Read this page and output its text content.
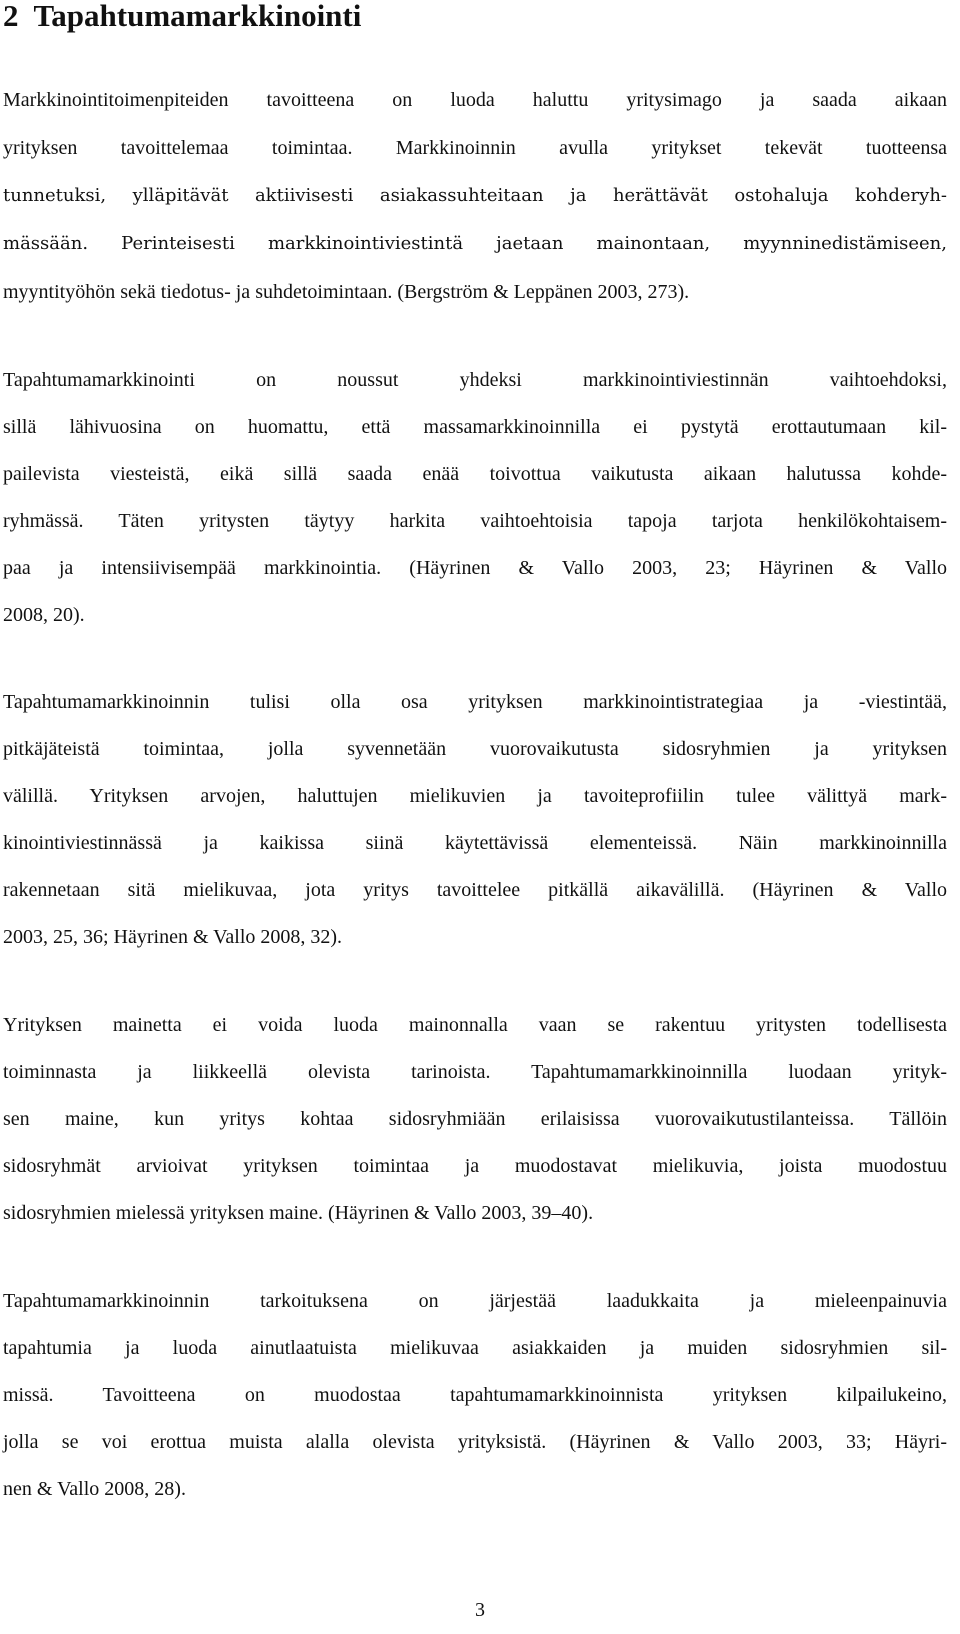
2 Tapahtumamarkkinointi

Markkinointitoimenpiteiden tavoitteena on luoda haluttu yritysimago ja saada aikaan

yrityksen tavoittelemaa toimintaa. Markkinoinnin avulla yritykset tekevät tuotteensa

tunnetuksi, ylläpitävät aktiivisesti asiakassuhteitaan ja herättävät ostohaluja kohderyh-

mässään. Perinteisesti markkinointiviestintä jaetaan mainontaan, myynninedistämiseen,

myyntityöhön sekä tiedotus- ja suhdetoimintaan. (Bergström & Leppänen 2003, 273).

Tapahtumamarkkinointi on noussut yhdeksi markkinointiviestinnän vaihtoehdoksi,

sillä lähivuosina on huomattu, että massamarkkinoinnilla ei pystytä erottautumaan kil-

pailevista viesteistä, eikä sillä saada enää toivottua vaikutusta aikaan halutussa kohde-

ryhmässä. Täten yritysten täytyy harkita vaihtoehtoisia tapoja tarjota henkilökohtaisem-

paa ja intensiivisempää markkinointia. (Häyrinen & Vallo 2003, 23; Häyrinen & Vallo

2008, 20).

Tapahtumamarkkinoinnin tulisi olla osa yrityksen markkinointistrategiaa ja -viestintää,

pitkäjäteistä toimintaa, jolla syvennetään vuorovaikutusta sidosryhmien ja yrityksen

välillä. Yrityksen arvojen, haluttujen mielikuvien ja tavoiteprofiilin tulee välittyä mark-

kinointiviestinnässä ja kaikissa siinä käytettävissä elementeissä. Näin markkinoinnilla

rakennetaan sitä mielikuvaa, jota yritys tavoittelee pitkällä aikavälillä. (Häyrinen & Vallo

2003, 25, 36; Häyrinen & Vallo 2008, 32).

Yrityksen mainetta ei voida luoda mainonnalla vaan se rakentuu yritysten todellisesta

toiminnasta ja liikkeellä olevista tarinoista. Tapahtumamarkkinoinnilla luodaan yrityk-

sen maine, kun yritys kohtaa sidosryhmiään erilaisissa vuorovaikutustilanteissa. Tällöin

sidosryhmät arvioivat yrityksen toimintaa ja muodostavat mielikuvia, joista muodostuu

sidosryhmien mielessä yrityksen maine. (Häyrinen & Vallo 2003, 39–40).

Tapahtumamarkkinoinnin tarkoituksena on järjestää laadukkaita ja mieleenpainuvia

tapahtumia ja luoda ainutlaatuista mielikuvaa asiakkaiden ja muiden sidosryhmien sil-

missä. Tavoitteena on muodostaa tapahtumamarkkinoinnista yrityksen kilpailukeino,

jolla se voi erottua muista alalla olevista yrityksistä. (Häyrinen & Vallo 2003, 33; Häyri-

nen & Vallo 2008, 28).

3
